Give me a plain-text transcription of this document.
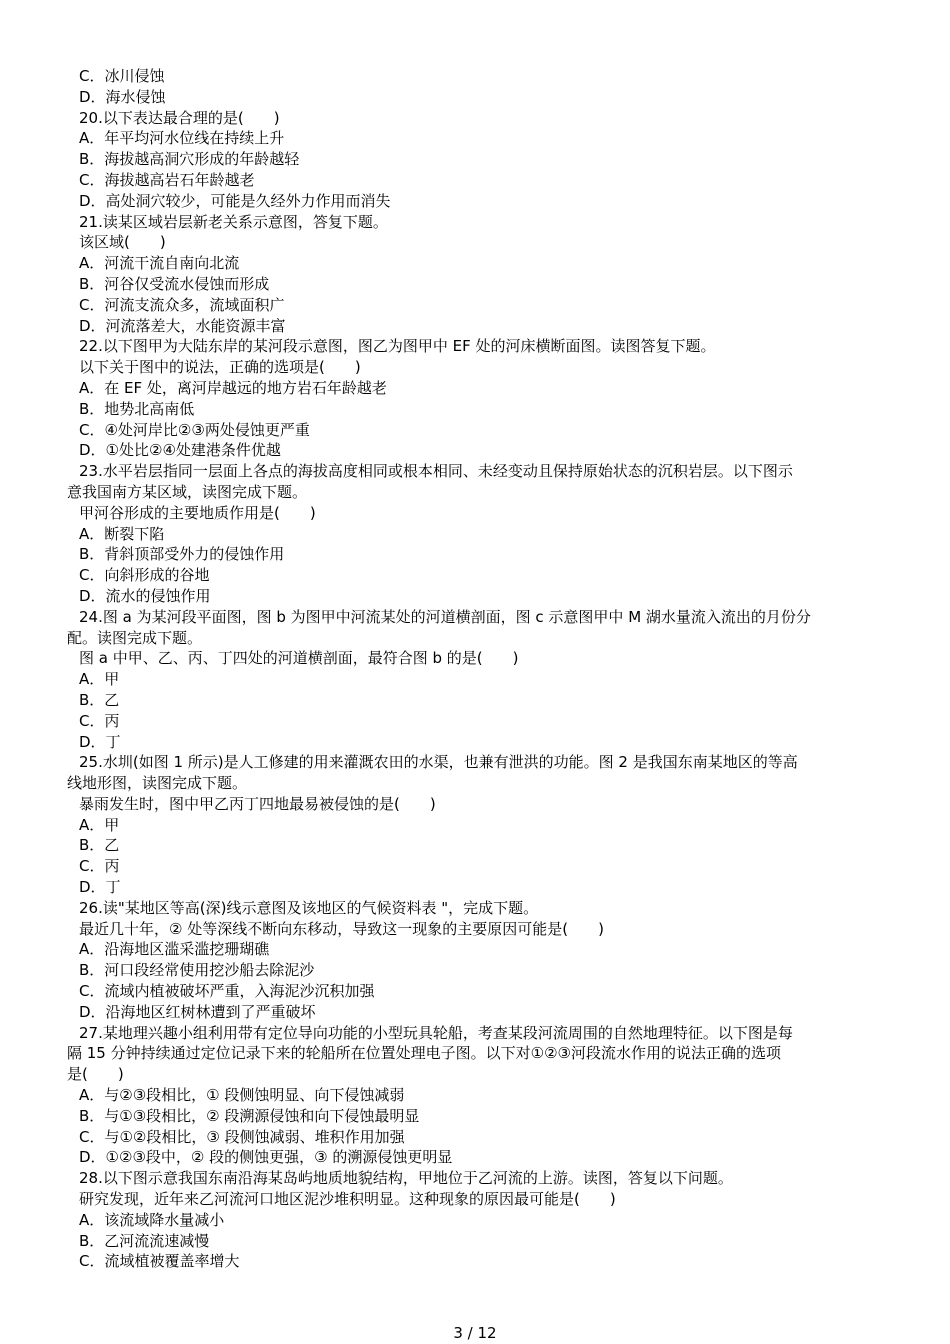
C．冰川侵蚀
D．海水侵蚀
20.以下表达最合理的是(　　)
A．年平均河水位线在持续上升
B．海拔越高洞穴形成的年龄越轻
C．海拔越高岩石年龄越老
D．高处洞穴较少，可能是久经外力作用而消失
21.读某区域岩层新老关系示意图，答复下题。
该区域(　　)
A．河流干流自南向北流
B．河谷仅受流水侵蚀而形成
C．河流支流众多，流域面积广
D．河流落差大，水能资源丰富
22.以下图甲为大陆东岸的某河段示意图，图乙为图甲中 EF 处的河床横断面图。读图答复下题。
以下关于图中的说法，正确的选项是(　　)
A．在 EF 处，离河岸越远的地方岩石年龄越老
B．地势北高南低
C．④处河岸比②③两处侵蚀更严重
D．①处比②④处建港条件优越
23.水平岩层指同一层面上各点的海拔高度相同或根本相同、未经变动且保持原始状态的沉积岩层。以下图示
意我国南方某区域，读图完成下题。
甲河谷形成的主要地质作用是(　　)
A．断裂下陷
B．背斜顶部受外力的侵蚀作用
C．向斜形成的谷地
D．流水的侵蚀作用
24.图 a 为某河段平面图，图 b 为图甲中河流某处的河道横剖面，图 c 示意图甲中 M 湖水量流入流出的月份分
配。读图完成下题。
图 a 中甲、乙、丙、丁四处的河道横剖面，最符合图 b 的是(　　)
A．甲
B．乙
C．丙
D．丁
25.水圳(如图 1 所示)是人工修建的用来灌溉农田的水渠，也兼有泄洪的功能。图 2 是我国东南某地区的等高
线地形图，读图完成下题。
暴雨发生时，图中甲乙丙丁四地最易被侵蚀的是(　　)
A．甲
B．乙
C．丙
D．丁
26.读"某地区等高(深)线示意图及该地区的气候资料表 "，完成下题。
最近几十年，② 处等深线不断向东移动，导致这一现象的主要原因可能是(　　)
A．沿海地区滥采滥挖珊瑚礁
B．河口段经常使用挖沙船去除泥沙
C．流域内植被破坏严重，入海泥沙沉积加强
D．沿海地区红树林遭到了严重破坏
27.某地理兴趣小组利用带有定位导向功能的小型玩具轮船，考查某段河流周围的自然地理特征。以下图是每
隔 15 分钟持续通过定位记录下来的轮船所在位置处理电子图。以下对①②③河段流水作用的说法正确的选项
是(　　)
A．与②③段相比，① 段侧蚀明显、向下侵蚀减弱
B．与①③段相比，② 段溯源侵蚀和向下侵蚀最明显
C．与①②段相比，③ 段侧蚀减弱、堆积作用加强
D．①②③段中，② 段的侧蚀更强，③ 的溯源侵蚀更明显
28.以下图示意我国东南沿海某岛屿地质地貌结构，甲地位于乙河流的上游。读图，答复以下问题。
研究发现，近年来乙河流河口地区泥沙堆积明显。这种现象的原因最可能是(　　)
A．该流域降水量减小
B．乙河流流速减慢
C．流域植被覆盖率增大
3 / 12
